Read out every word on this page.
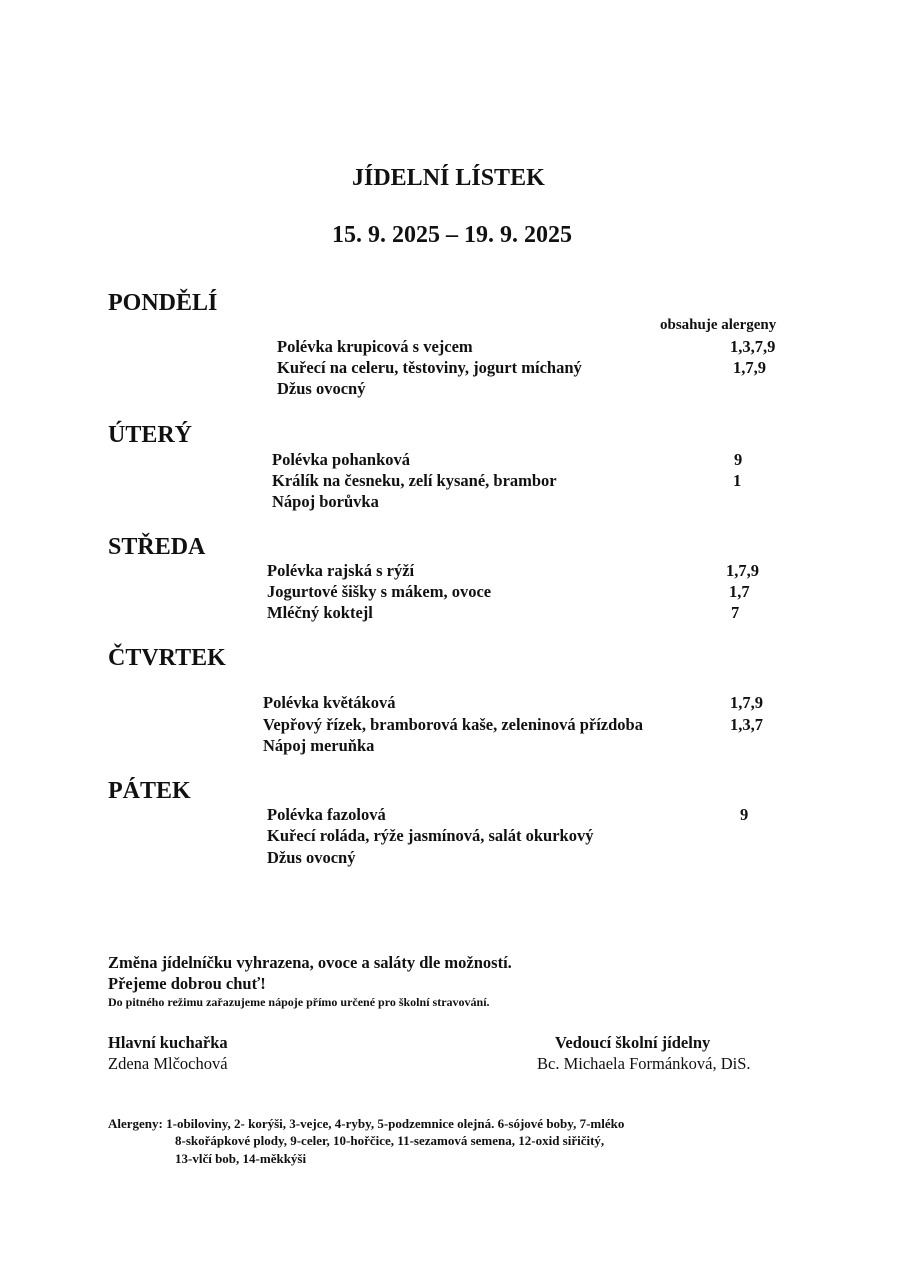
JÍDELNÍ LÍSTEK
15. 9. 2025 – 19. 9. 2025
PONDĚLÍ
obsahuje alergeny
Polévka krupicová s vejcem	1,3,7,9
Kuřecí na celeru, těstoviny, jogurt míchaný	1,7,9
Džus ovocný
ÚTERÝ
Polévka pohanková	9
Králík na česneku, zelí kysané, brambor	1
Nápoj borůvka
STŘEDA
Polévka rajská s rýží	1,7,9
Jogurtové šišky s mákem, ovoce	1,7
Mléčný koktejl	7
ČTVRTEK
Polévka květáková	1,7,9
Vepřový řízek, bramborová kaše, zeleninová přízdoba	1,3,7
Nápoj meruňka
PÁTEK
Polévka fazolová	9
Kuřecí roláda, rýže jasmínová, salát okurkový
Džus ovocný
Změna jídelníčku vyhrazena, ovoce a saláty dle možností.
Přejeme dobrou chuť!
Do pitného režimu zařazujeme nápoje přímo určené pro školní stravování.
Hlavní kuchařka
Zdena Mlčochová
Vedoucí školní jídelny
Bc. Michaela Formánková, DiS.
Alergeny: 1-obiloviny, 2- korýši, 3-vejce, 4-ryby, 5-podzemnice olejná. 6-sójové boby, 7-mléko
8-skořápkové plody, 9-celer, 10-hořčice, 11-sezamová semena, 12-oxid siřičitý,
13-vlčí bob, 14-měkkýši
